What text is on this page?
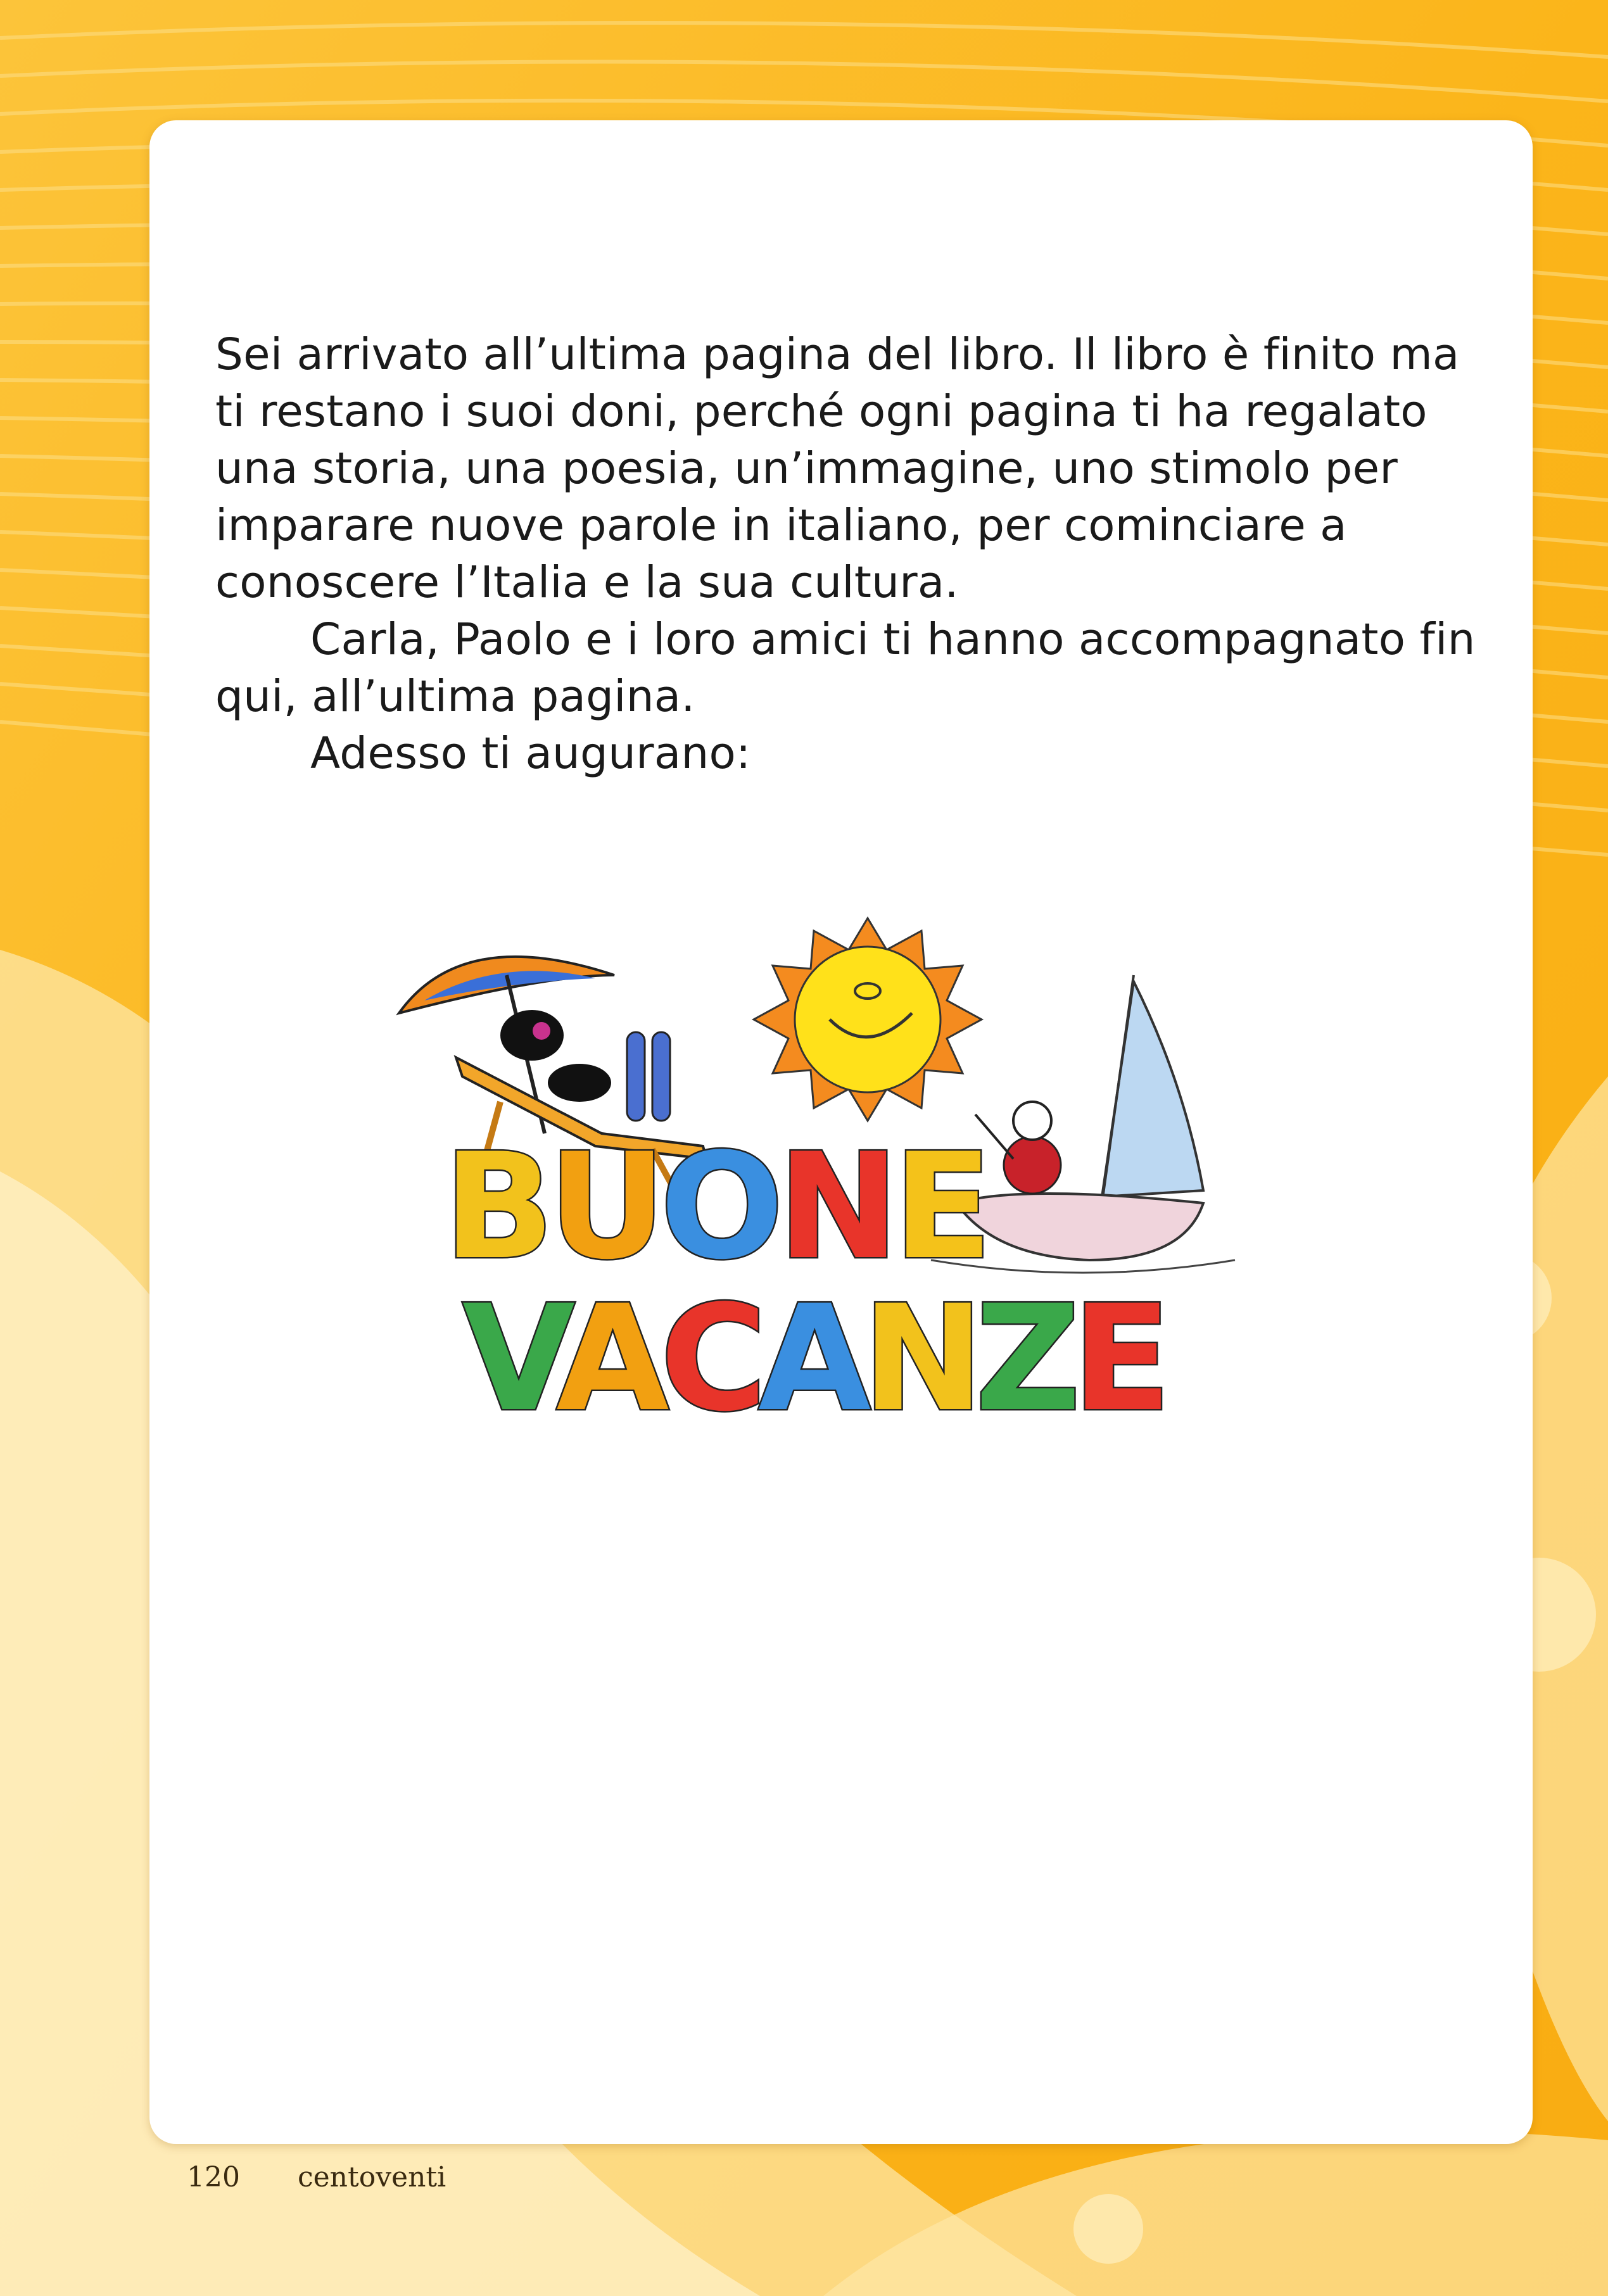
Sei arrivato all’ultima pagina del libro. Il libro è finito ma ti restano i suoi doni, perché ogni pagina ti ha regalato una storia, una poesia, un’immagine, uno stimolo per imparare nuove parole in italiano, per cominciare a conoscere l’Italia e la sua cultura.

Carla, Paolo e i loro amici ti hanno accompagnato fin qui, all’ultima pagina.

Adesso ti augurano:

BUONE
VACANZE
120 centoventi
